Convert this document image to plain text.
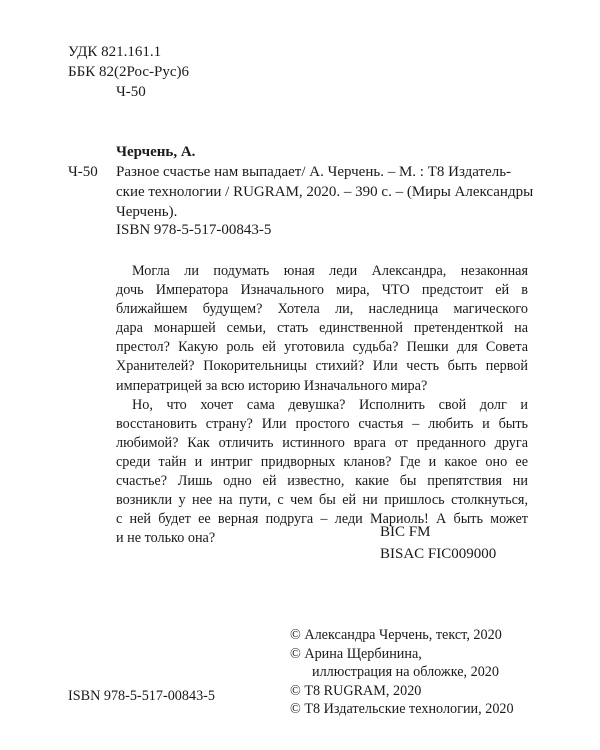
УДК 821.161.1
ББК 82(2Рос-Рус)6
Ч-50
Черчень, А.
Ч-50 Разное счастье нам выпадает/ А. Черчень. – М. : Т8 Издатель-
ские технологии / RUGRAM, 2020. – 390 с. – (Миры Александры
Черчень).
ISBN 978-5-517-00843-5
Могла ли подумать юная леди Александра, незаконная
дочь Императора Изначального мира, ЧТО предстоит ей в
ближайшем будущем? Хотела ли, наследница магического
дара монаршей семьи, стать единственной претенденткой на
престол? Какую роль ей уготовила судьба? Пешки для Совета
Хранителей? Покорительницы стихий? Или честь быть первой
императрицей за всю историю Изначального мира?
Но, что хочет сама девушка? Исполнить свой долг и
восстановить страну? Или простого счастья – любить и быть
любимой? Как отличить истинного врага от преданного друга
среди тайн и интриг придворных кланов? Где и какое оно ее
счастье? Лишь одно ей известно, какие бы препятствия ни
возникли у нее на пути, с чем бы ей ни пришлось столкнуться,
с ней будет ее верная подруга – леди Мариоль! А быть может
и не только она?	BIC FM
BISAC FIC009000
© Александра Черчень, текст, 2020
© Арина Щербинина,
иллюстрация на обложке, 2020
© Т8 RUGRAM, 2020
© Т8 Издательские технологии, 2020
ISBN 978-5-517-00843-5
